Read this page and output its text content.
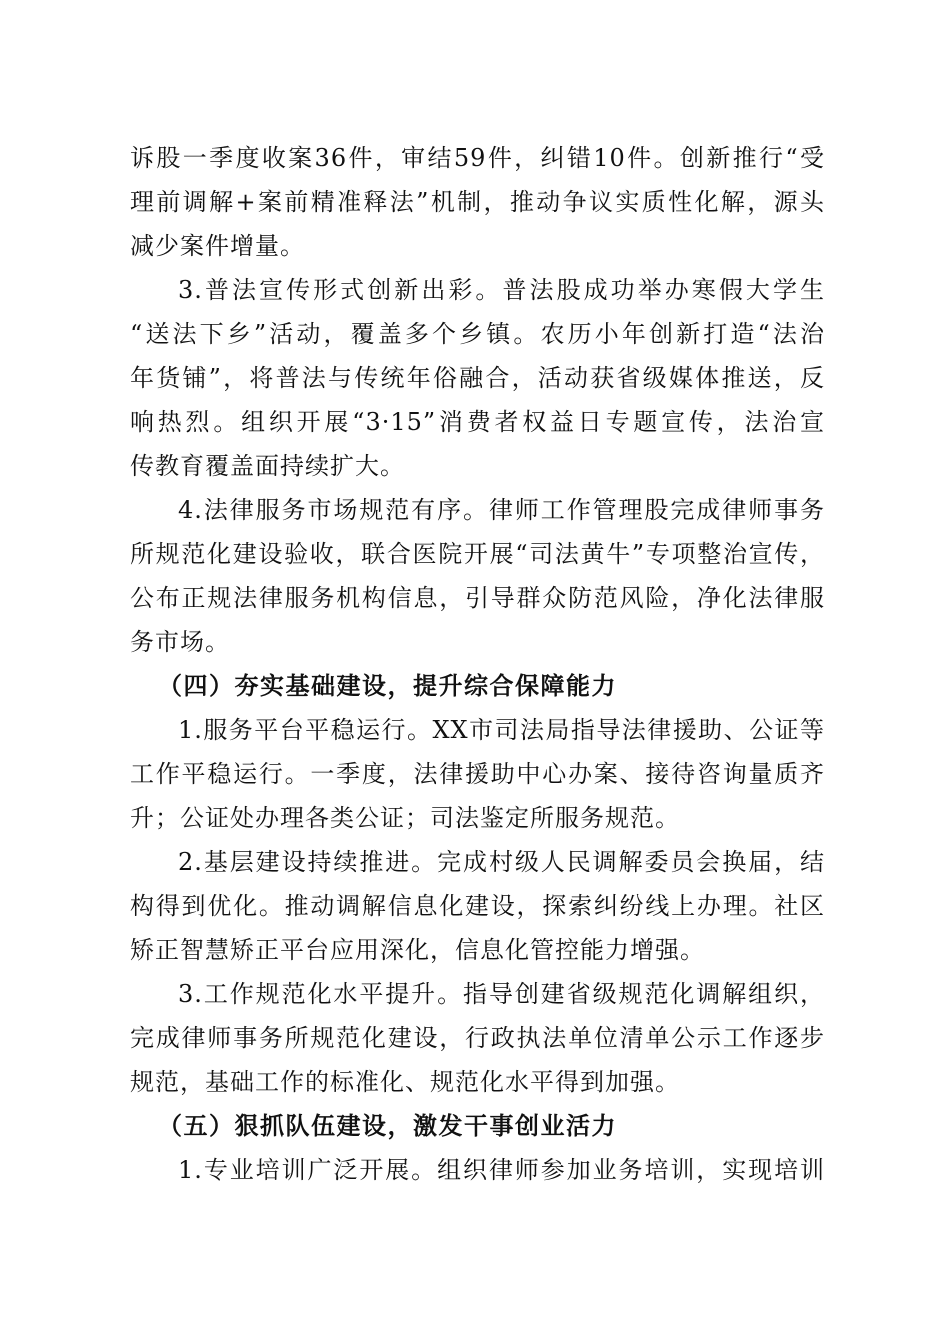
诉股一季度收案36件，审结59件，纠错10件。创新推行“受
理前调解+案前精准释法”机制，推动争议实质性化解，源头
减少案件增量。
3.普法宣传形式创新出彩。普法股成功举办寒假大学生
“送法下乡”活动，覆盖多个乡镇。农历小年创新打造“法治
年货铺”，将普法与传统年俗融合，活动获省级媒体推送，反
响热烈。组织开展“3·15”消费者权益日专题宣传，法治宣
传教育覆盖面持续扩大。
4.法律服务市场规范有序。律师工作管理股完成律师事务
所规范化建设验收，联合医院开展“司法黄牛”专项整治宣传，
公布正规法律服务机构信息，引导群众防范风险，净化法律服
务市场。
（四）夯实基础建设，提升综合保障能力
1.服务平台平稳运行。XX市司法局指导法律援助、公证等
工作平稳运行。一季度，法律援助中心办案、接待咨询量质齐
升；公证处办理各类公证；司法鉴定所服务规范。
2.基层建设持续推进。完成村级人民调解委员会换届，结
构得到优化。推动调解信息化建设，探索纠纷线上办理。社区
矫正智慧矫正平台应用深化，信息化管控能力增强。
3.工作规范化水平提升。指导创建省级规范化调解组织，
完成律师事务所规范化建设，行政执法单位清单公示工作逐步
规范，基础工作的标准化、规范化水平得到加强。
（五）狠抓队伍建设，激发干事创业活力
1.专业培训广泛开展。组织律师参加业务培训，实现培训
